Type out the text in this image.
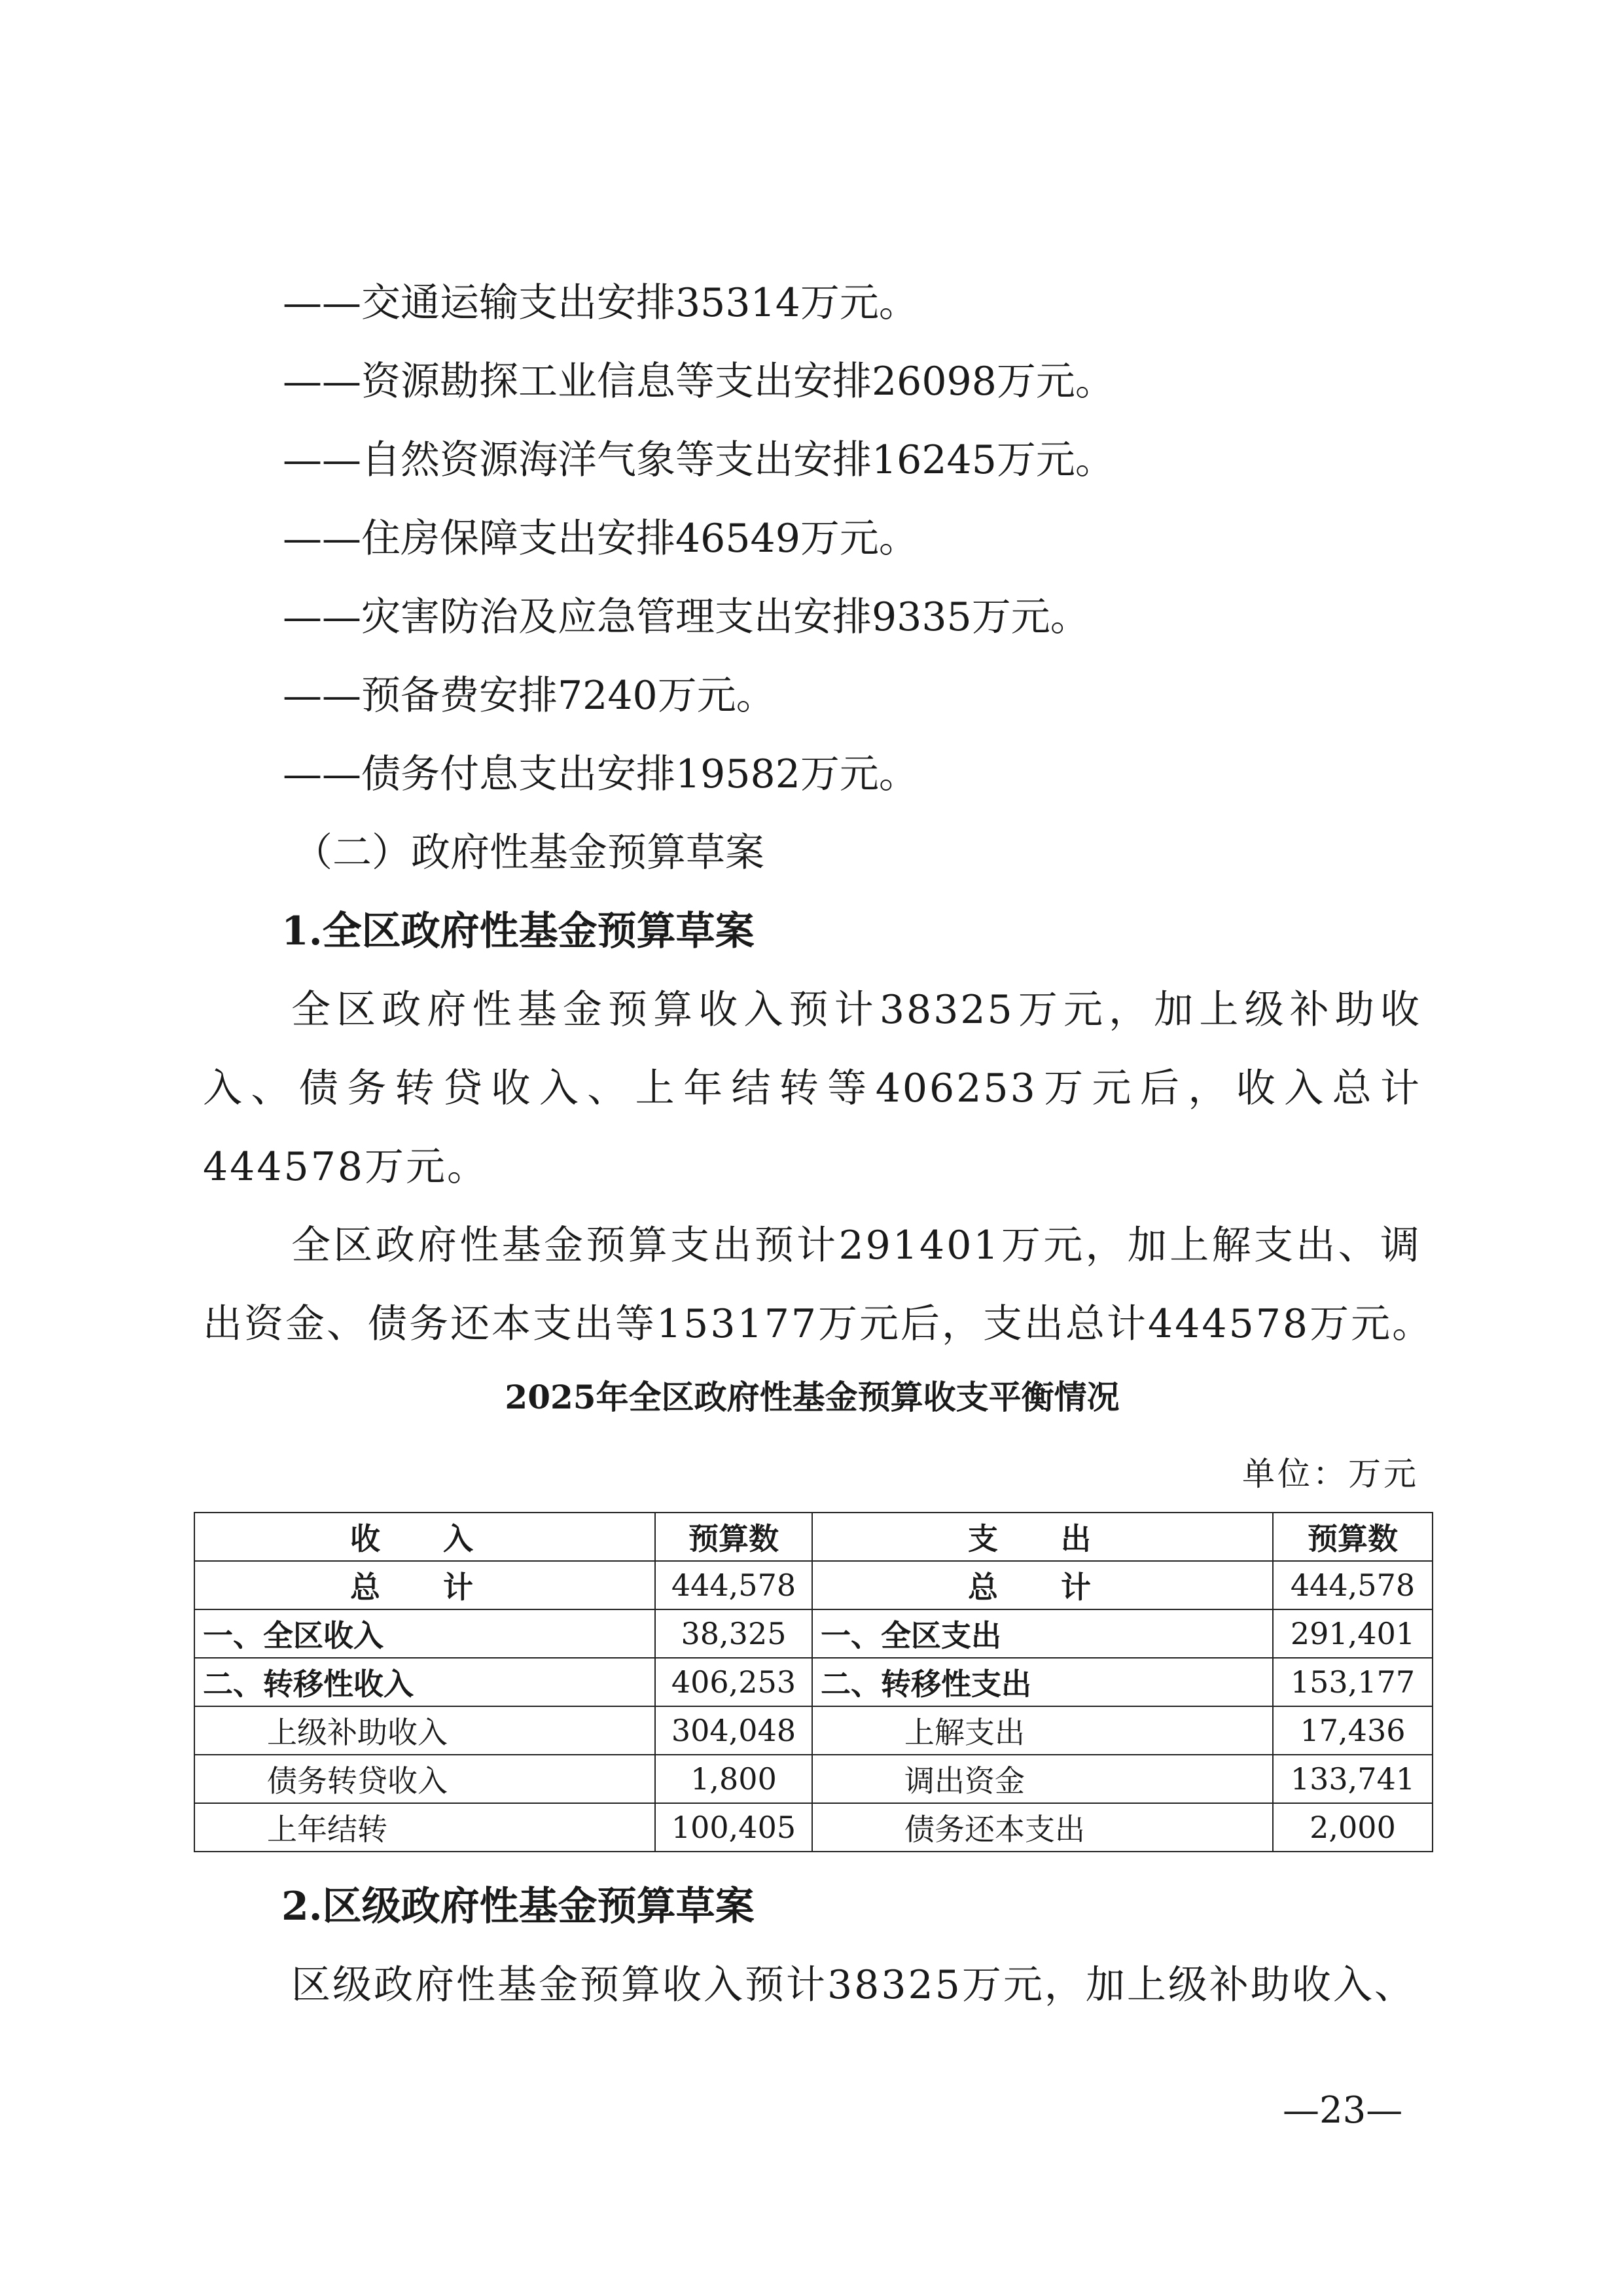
——交通运输支出安排35314万元。
——资源勘探工业信息等支出安排26098万元。
——自然资源海洋气象等支出安排16245万元。
——住房保障支出安排46549万元。
——灾害防治及应急管理支出安排9335万元。
——预备费安排7240万元。
——债务付息支出安排19582万元。
（二）政府性基金预算草案
1.全区政府性基金预算草案
全区政府性基金预算收入预计38325万元，加上级补助收
入、债务转贷收入、上年结转等406253万元后，收入总计
444578万元。
全区政府性基金预算支出预计291401万元，加上解支出、调
出资金、债务还本支出等153177万元后，支出总计444578万元。
2025年全区政府性基金预算收支平衡情况
单位：万元
收 入	预算数	支 出	预算数
总 计	444,578	总 计	444,578
一、全区收入	38,325	一、全区支出	291,401
二、转移性收入	406,253	二、转移性支出	153,177
上级补助收入	304,048	上解支出	17,436
债务转贷收入	1,800	调出资金	133,741
上年结转	100,405	债务还本支出	2,000
2.区级政府性基金预算草案
区级政府性基金预算收入预计38325万元，加上级补助收入、
—23—
